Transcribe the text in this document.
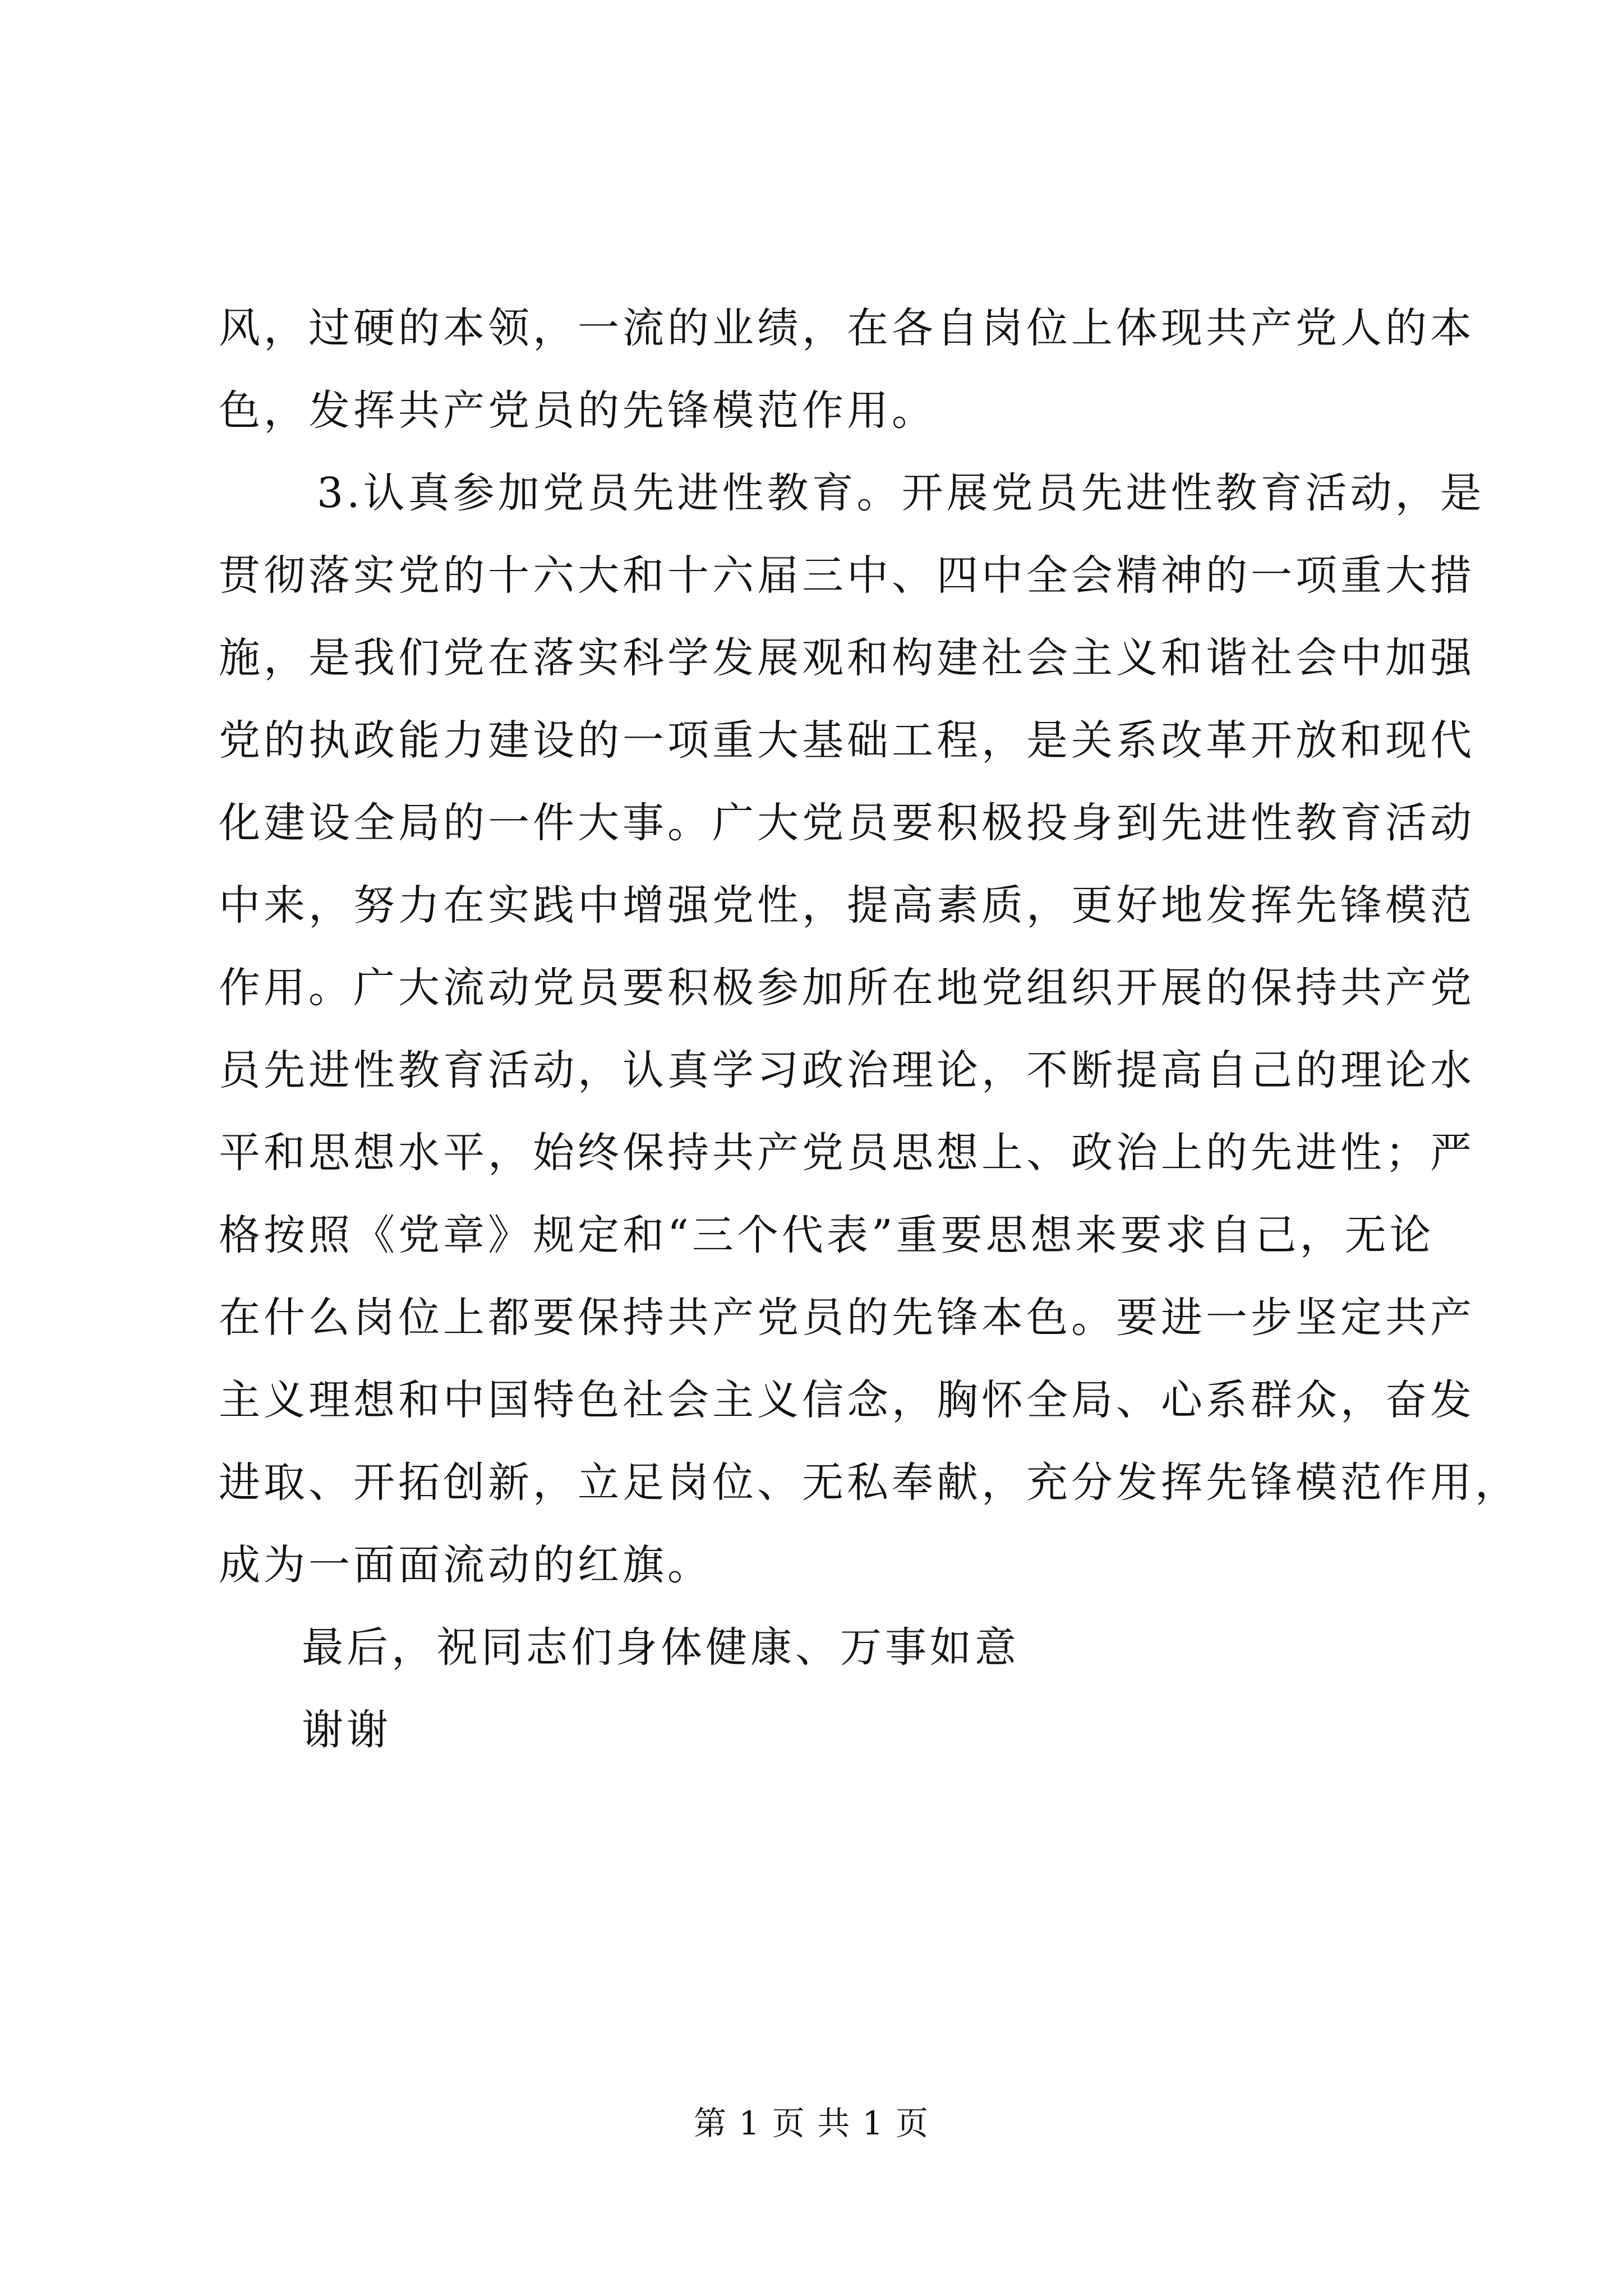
风，过硬的本领，一流的业绩，在各自岗位上体现共产党人的本
色，发挥共产党员的先锋模范作用。
3.认真参加党员先进性教育。开展党员先进性教育活动，是
贯彻落实党的十六大和十六届三中、四中全会精神的一项重大措
施，是我们党在落实科学发展观和构建社会主义和谐社会中加强
党的执政能力建设的一项重大基础工程，是关系改革开放和现代
化建设全局的一件大事。广大党员要积极投身到先进性教育活动
中来，努力在实践中增强党性，提高素质，更好地发挥先锋模范
作用。广大流动党员要积极参加所在地党组织开展的保持共产党
员先进性教育活动，认真学习政治理论，不断提高自己的理论水
平和思想水平，始终保持共产党员思想上、政治上的先进性；严
格按照《党章》规定和“三个代表”重要思想来要求自己，无论
在什么岗位上都要保持共产党员的先锋本色。要进一步坚定共产
主义理想和中国特色社会主义信念，胸怀全局、心系群众，奋发
进取、开拓创新，立足岗位、无私奉献，充分发挥先锋模范作用，
成为一面面流动的红旗。
最后，祝同志们身体健康、万事如意
谢谢
第 1 页 共 1 页
